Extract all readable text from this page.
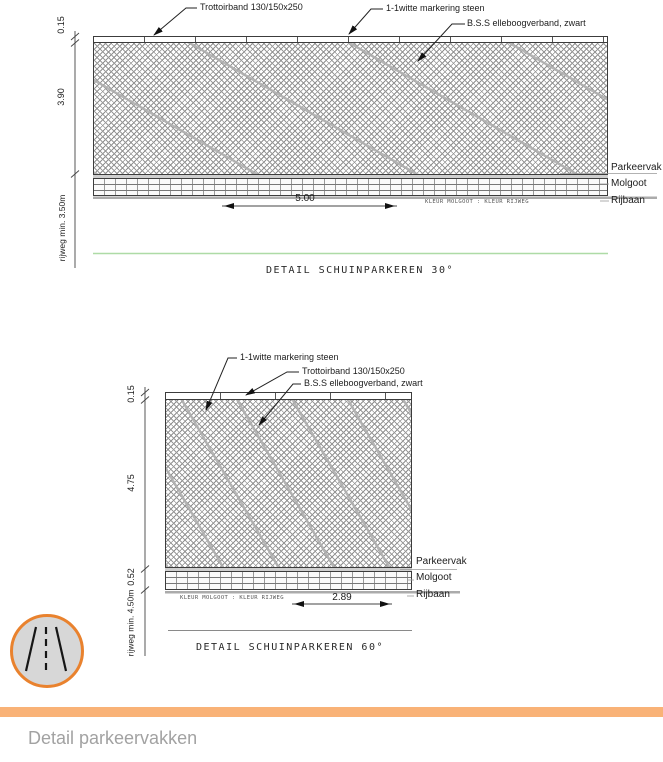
Trottoirband 130/150x250	1-1witte markering steen
B.S.S elleboogverband, zwart
Parkeervak
Molgoot
Rijbaan
0.15
3.90
rijweg min. 3.50m	5.00	KLEUR MOLGOOT : KLEUR RIJWEG
DETAIL SCHUINPARKEREN 30°
1-1witte markering steen
Trottoirband 130/150x250
B.S.S elleboogverband, zwart
Parkeervak
Molgoot
Rijbaan
0.15
4.75
0.52
rijweg min. 4.50m	2.89
KLEUR MOLGOOT : KLEUR RIJWEG
DETAIL SCHUINPARKEREN 60°
Detail parkeervakken
